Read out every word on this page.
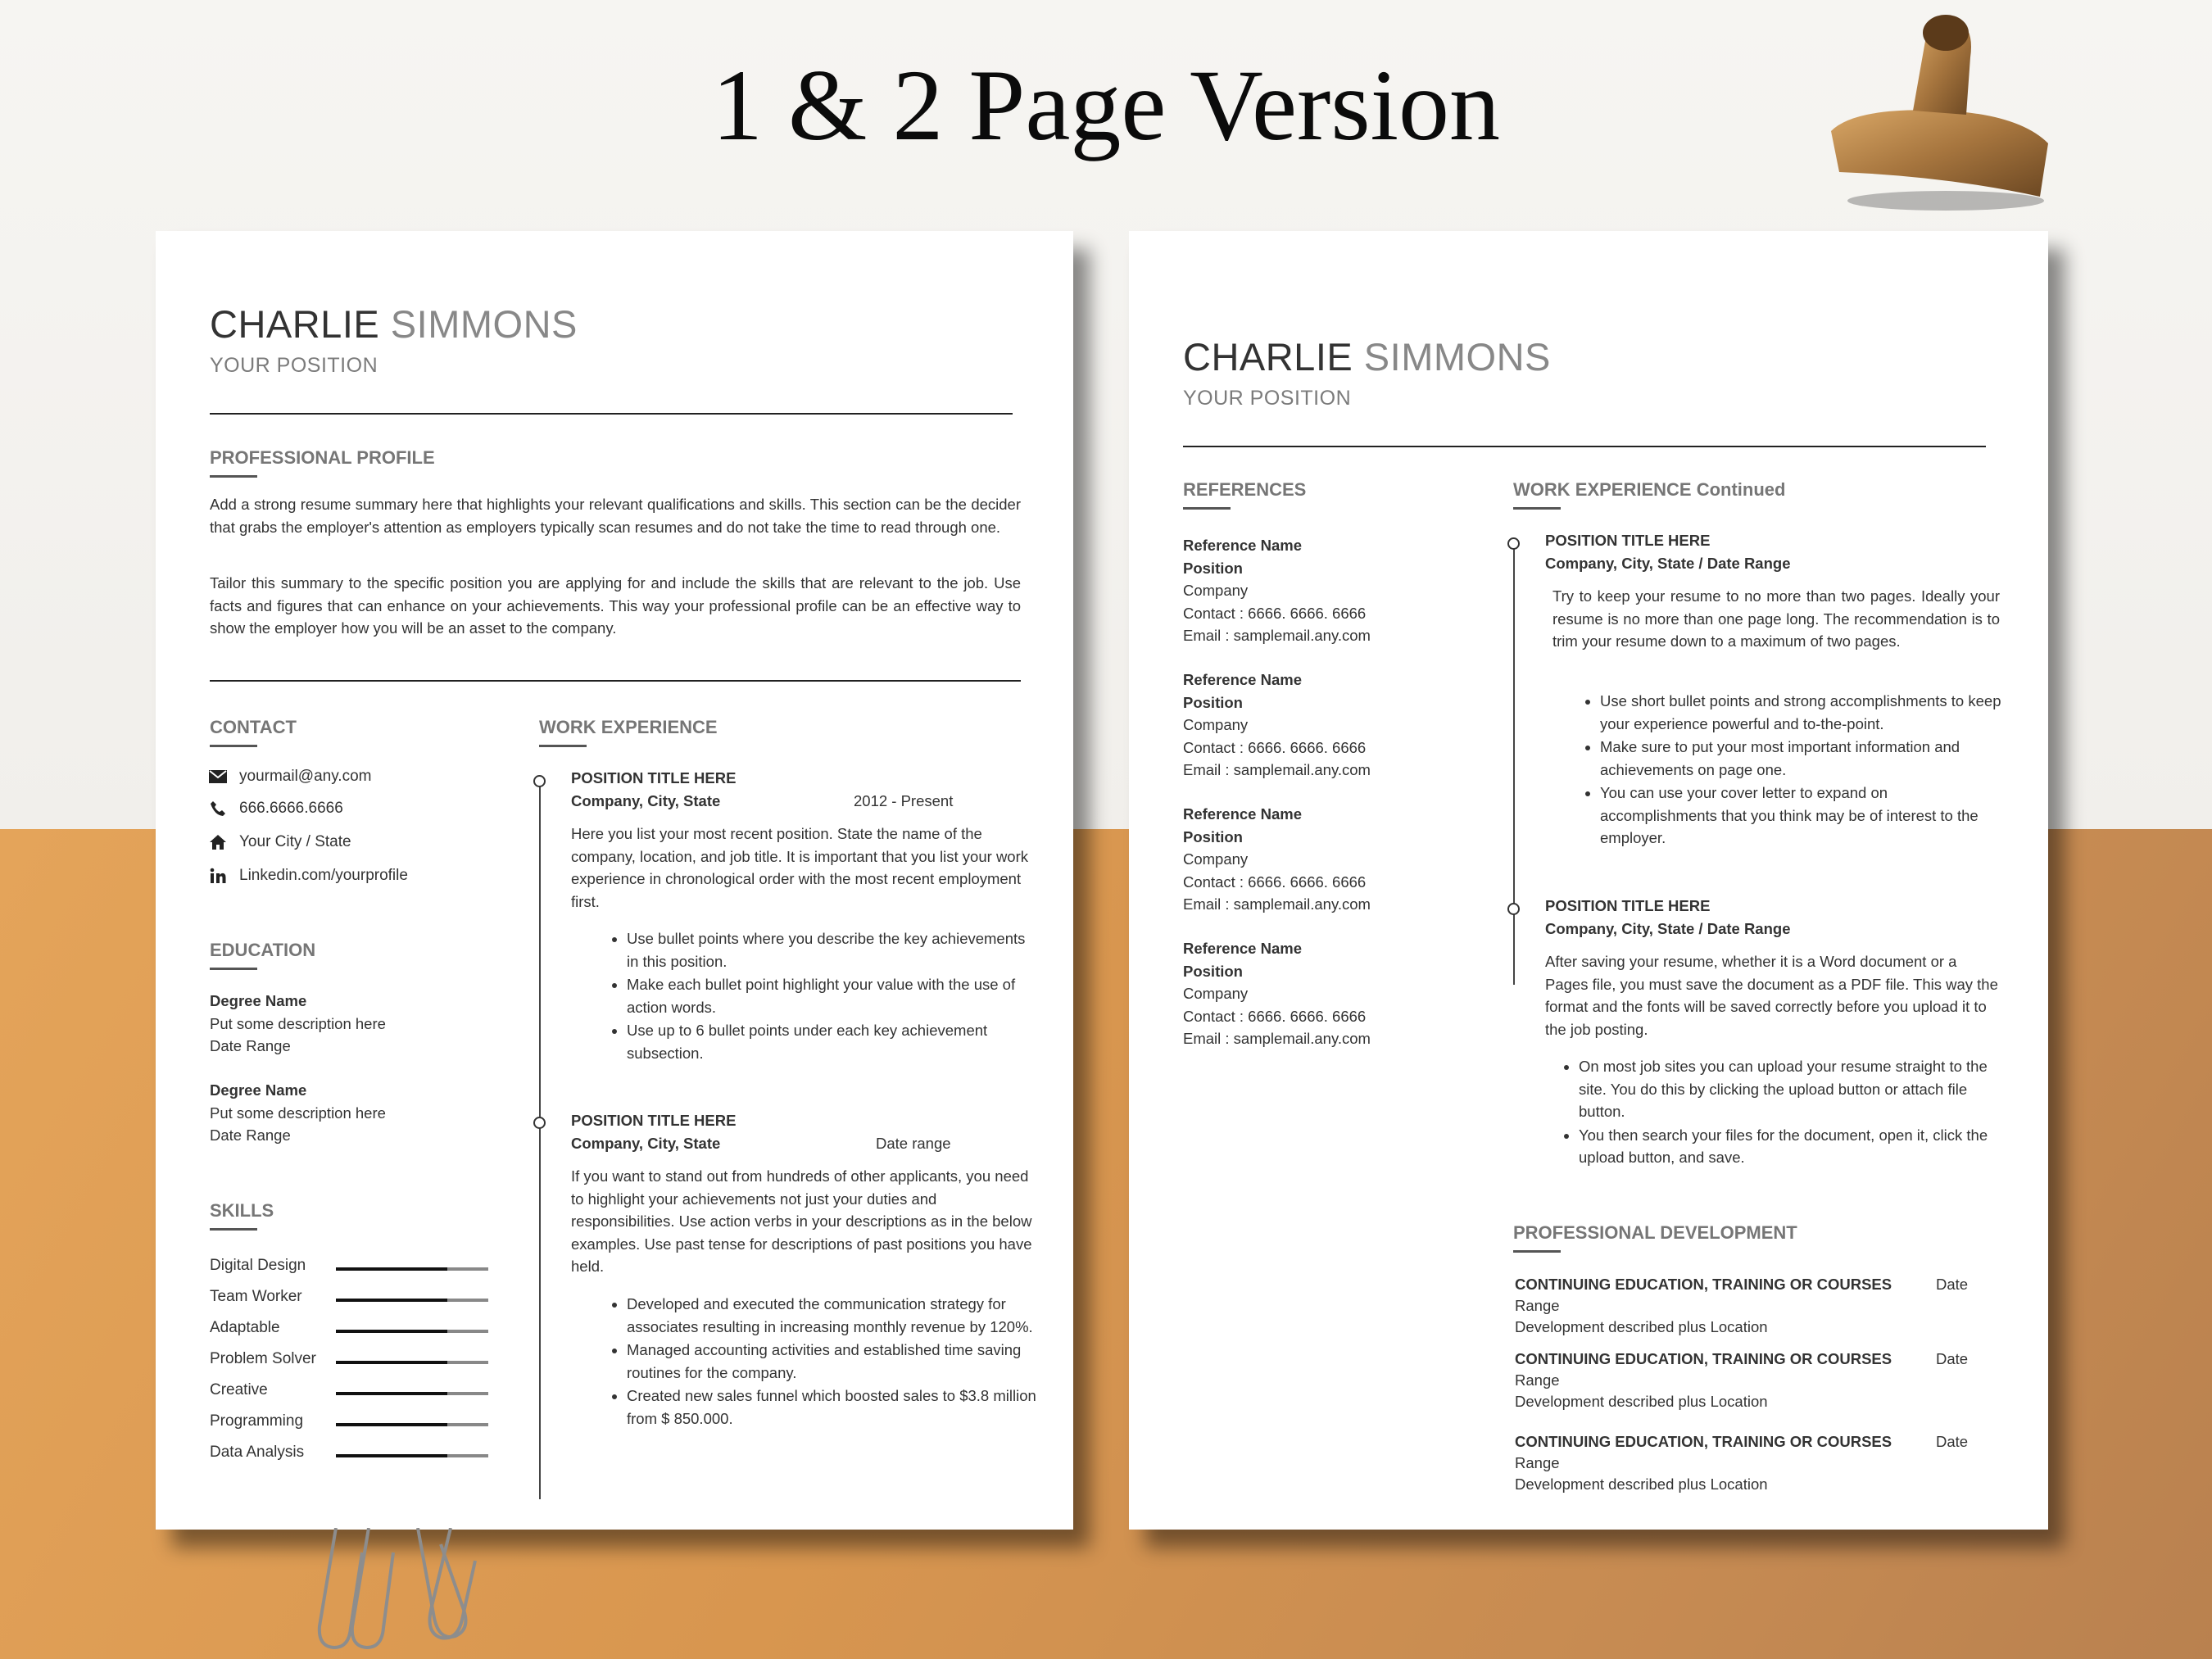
1 & 2 Page Version
CHARLIE SIMMONS
YOUR POSITION
PROFESSIONAL PROFILE
Add a strong resume summary here that highlights your relevant qualifications and skills. This section can be the decider that grabs the employer's attention as employers typically scan resumes and do not take the time to read through one.
Tailor this summary to the specific position you are applying for and include the skills that are relevant to the job. Use facts and figures that can enhance on your achievements. This way your professional profile can be an effective way to show the employer how you will be an asset to the company.
CONTACT
yourmail@any.com
666.6666.6666
Your City / State
Linkedin.com/yourprofile
EDUCATION
Degree Name
Put some description here
Date Range
Degree Name
Put some description here
Date Range
SKILLS
Digital Design
Team Worker
Adaptable
Problem Solver
Creative
Programming
Data Analysis
WORK EXPERIENCE
POSITION TITLE HERE
Company, City, State	2012 - Present
Here you list your most recent position. State the name of the company, location, and job title. It is important that you list your work experience in chronological order with the most recent employment first.
• Use bullet points where you describe the key achievements in this position.
• Make each bullet point highlight your value with the use of action words.
• Use up to 6 bullet points under each key achievement subsection.
POSITION TITLE HERE
Company, City, State	Date range
If you want to stand out from hundreds of other applicants, you need to highlight your achievements not just your duties and responsibilities. Use action verbs in your descriptions as in the below examples. Use past tense for descriptions of past positions you have held.
• Developed and executed the communication strategy for associates resulting in increasing monthly revenue by 120%.
• Managed accounting activities and established time saving routines for the company.
• Created new sales funnel which boosted sales to $3.8 million from $ 850.000.
CHARLIE SIMMONS
YOUR POSITION
REFERENCES
Reference Name
Position
Company
Contact : 6666. 6666. 6666
Email : samplemail.any.com
Reference Name
Position
Company
Contact : 6666. 6666. 6666
Email : samplemail.any.com
Reference Name
Position
Company
Contact : 6666. 6666. 6666
Email : samplemail.any.com
Reference Name
Position
Company
Contact : 6666. 6666. 6666
Email : samplemail.any.com
WORK EXPERIENCE Continued
POSITION TITLE HERE
Company, City, State / Date Range
Try to keep your resume to no more than two pages. Ideally your resume is no more than one page long. The recommendation is to trim your resume down to a maximum of two pages.
• Use short bullet points and strong accomplishments to keep your experience powerful and to-the-point.
• Make sure to put your most important information and achievements on page one.
• You can use your cover letter to expand on accomplishments that you think may be of interest to the employer.
POSITION TITLE HERE
Company, City, State / Date Range
After saving your resume, whether it is a Word document or a Pages file, you must save the document as a PDF file. This way the format and the fonts will be saved correctly before you upload it to the job posting.
• On most job sites you can upload your resume straight to the site. You do this by clicking the upload button or attach file button.
• You then search your files for the document, open it, click the upload button, and save.
PROFESSIONAL DEVELOPMENT
CONTINUING EDUCATION, TRAINING OR COURSES	Date
Range
Development described plus Location
CONTINUING EDUCATION, TRAINING OR COURSES	Date
Range
Development described plus Location
CONTINUING EDUCATION, TRAINING OR COURSES	Date
Range
Development described plus Location
